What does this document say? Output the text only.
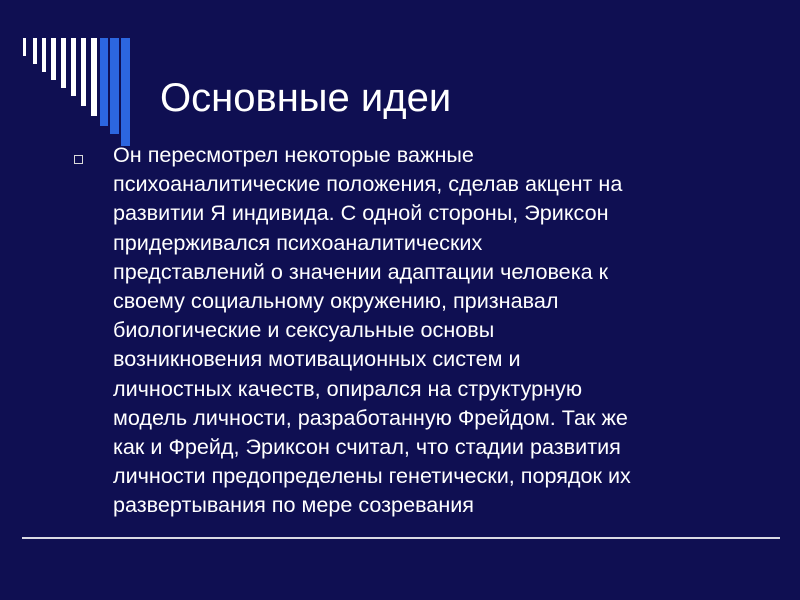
Основные идеи

Он пересмотрел некоторые важные
психоаналитические положения, сделав акцент на
развитии Я индивида. С одной стороны, Эриксон
придерживался психоаналитических
представлений о значении адаптации человека к
своему социальному окружению, признавал
биологические и сексуальные основы
возникновения мотивационных систем и
личностных качеств, опирался на структурную
модель личности, разработанную Фрейдом. Так же
как и Фрейд, Эриксон считал, что стадии развития
личности предопределены генетически, порядок их
развертывания по мере созревания
